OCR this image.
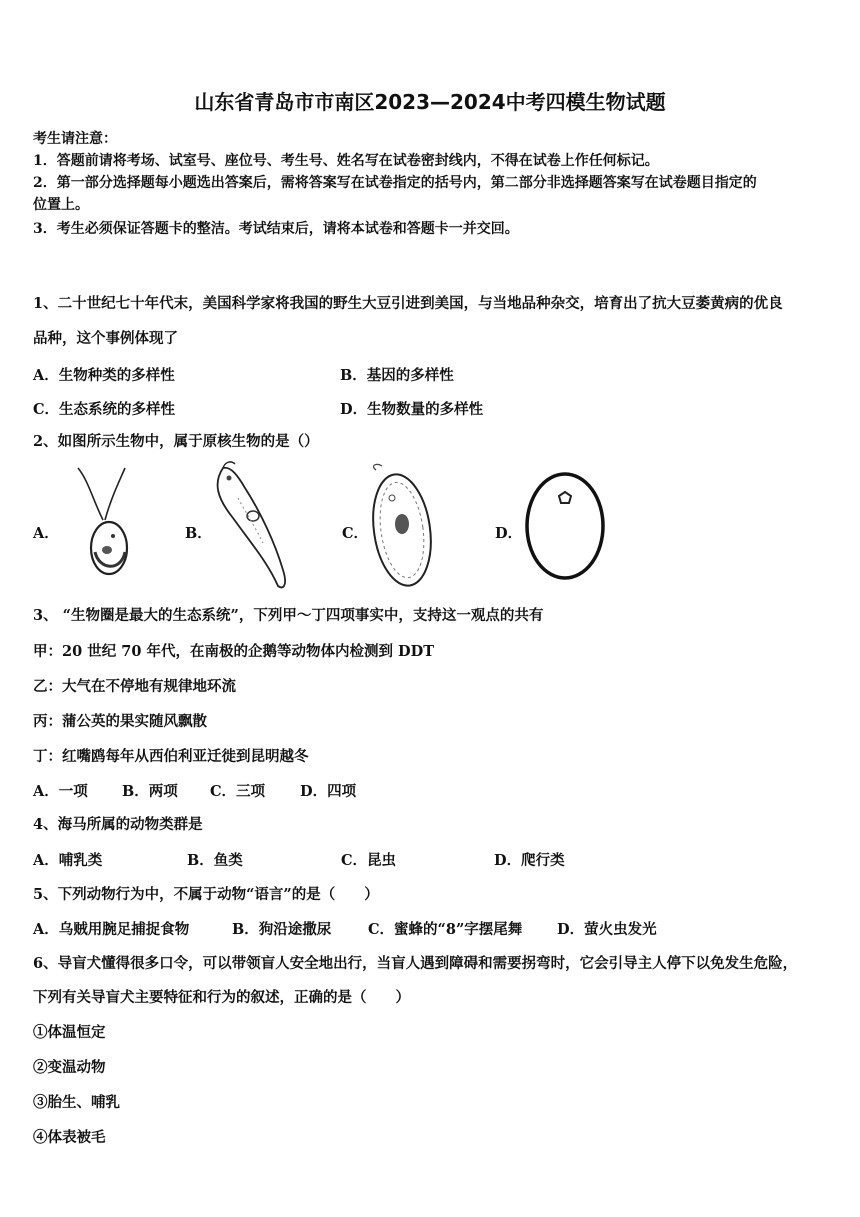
山东省青岛市市南区2023—2024中考四模生物试题
考生请注意：
1．答题前请将考场、试室号、座位号、考生号、姓名写在试卷密封线内，不得在试卷上作任何标记。
2．第一部分选择题每小题选出答案后，需将答案写在试卷指定的括号内，第二部分非选择题答案写在试卷题目指定的
位置上。
3．考生必须保证答题卡的整洁。考试结束后，请将本试卷和答题卡一并交回。
1、二十世纪七十年代末，美国科学家将我国的野生大豆引进到美国，与当地品种杂交，培育出了抗大豆萎黄病的优良
品种，这个事例体现了
A．生物种类的多样性	B．基因的多样性
C．生态系统的多样性	D．生物数量的多样性
2、如图所示生物中，属于原核生物的是（）
A．	B．	C．	D．
3、 “生物圈是最大的生态系统”，下列甲～丁四项事实中，支持这一观点的共有
甲：20 世纪 70 年代，在南极的企鹅等动物体内检测到 DDT
乙：大气在不停地有规律地环流
丙：蒲公英的果实随风飘散
丁：红嘴鸥每年从西伯利亚迁徙到昆明越冬
A．一项 B．两项 C．三项 D．四项
4、海马所属的动物类群是
A．哺乳类	B．鱼类	C．昆虫	D．爬行类
5、下列动物行为中，不属于动物“语言”的是（　　）
A．乌贼用腕足捕捉食物	B．狗沿途撒尿	C．蜜蜂的“8”字摆尾舞 D．萤火虫发光
6、导盲犬懂得很多口令，可以带领盲人安全地出行，当盲人遇到障碍和需要拐弯时，它会引导主人停下以免发生危险，
下列有关导盲犬主要特征和行为的叙述，正确的是（　　）
①体温恒定
②变温动物
③胎生、哺乳
④体表被毛
